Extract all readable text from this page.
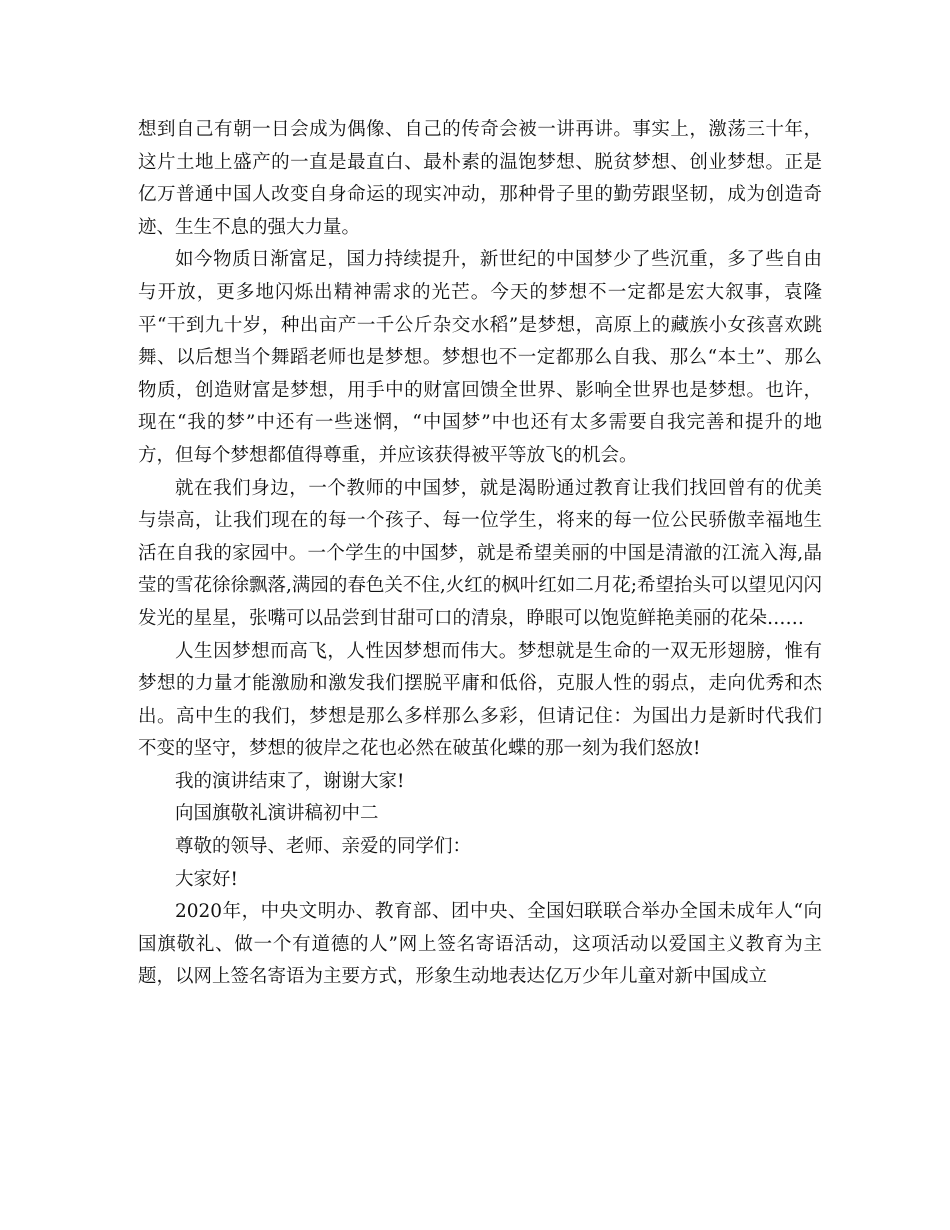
想到自己有朝一日会成为偶像、自己的传奇会被一讲再讲。事实上，激荡三十年，这片土地上盛产的一直是最直白、最朴素的温饱梦想、脱贫梦想、创业梦想。正是亿万普通中国人改变自身命运的现实冲动，那种骨子里的勤劳跟坚韧，成为创造奇迹、生生不息的强大力量。

如今物质日渐富足，国力持续提升，新世纪的中国梦少了些沉重，多了些自由与开放，更多地闪烁出精神需求的光芒。今天的梦想不一定都是宏大叙事，袁隆平“干到九十岁，种出亩产一千公斤杂交水稻”是梦想，高原上的藏族小女孩喜欢跳舞、以后想当个舞蹈老师也是梦想。梦想也不一定都那么自我、那么“本土”、那么物质，创造财富是梦想，用手中的财富回馈全世界、影响全世界也是梦想。也许，现在“我的梦”中还有一些迷惘，“中国梦”中也还有太多需要自我完善和提升的地方，但每个梦想都值得尊重，并应该获得被平等放飞的机会。

就在我们身边，一个教师的中国梦，就是渴盼通过教育让我们找回曾有的优美与崇高，让我们现在的每一个孩子、每一位学生，将来的每一位公民骄傲幸福地生活在自我的家园中。一个学生的中国梦，就是希望美丽的中国是清澈的江流入海,晶莹的雪花徐徐飘落,满园的春色关不住,火红的枫叶红如二月花;希望抬头可以望见闪闪发光的星星，张嘴可以品尝到甘甜可口的清泉，睁眼可以饱览鲜艳美丽的花朵……

人生因梦想而高飞，人性因梦想而伟大。梦想就是生命的一双无形翅膀，惟有梦想的力量才能激励和激发我们摆脱平庸和低俗，克服人性的弱点，走向优秀和杰出。高中生的我们，梦想是那么多样那么多彩，但请记住：为国出力是新时代我们不变的坚守，梦想的彼岸之花也必然在破茧化蝶的那一刻为我们怒放!

我的演讲结束了，谢谢大家!

向国旗敬礼演讲稿初中二

尊敬的领导、老师、亲爱的同学们：

大家好!

2020年，中央文明办、教育部、团中央、全国妇联联合举办全国未成年人“向国旗敬礼、做一个有道德的人”网上签名寄语活动，这项活动以爱国主义教育为主题，以网上签名寄语为主要方式，形象生动地表达亿万少年儿童对新中国成立
